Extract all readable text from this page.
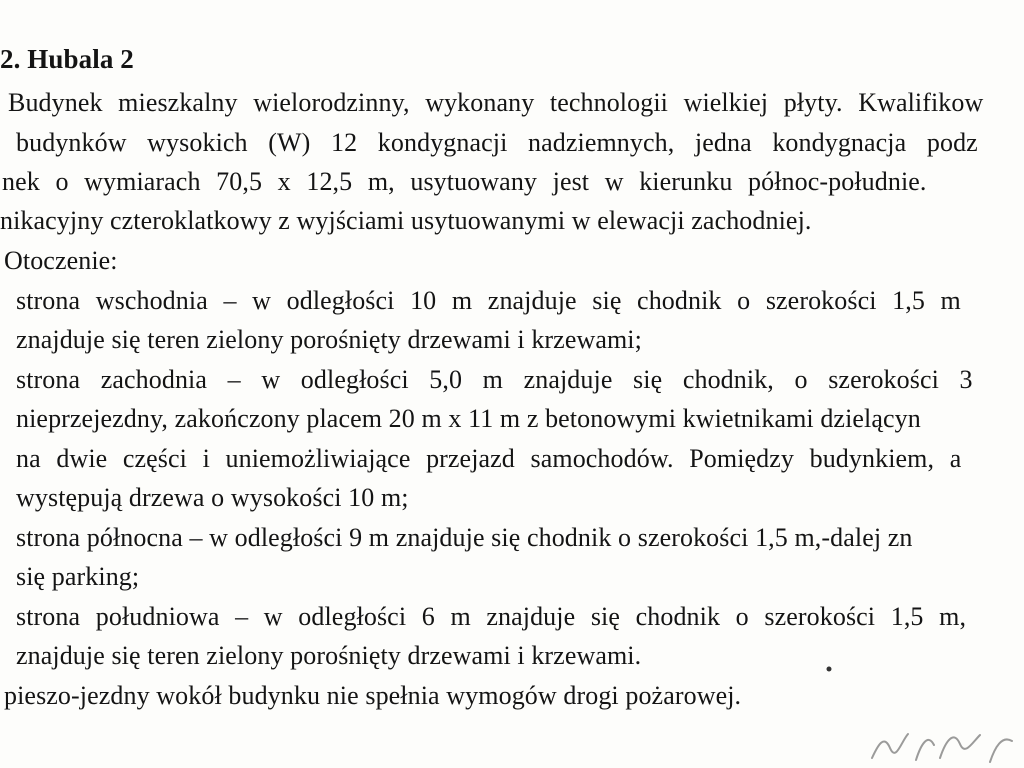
2. Hubala 2
Budynek mieszkalny wielorodzinny, wykonany technologii wielkiej płyty. Kwalifikow
budynków wysokich (W) 12 kondygnacji nadziemnych, jedna kondygnacja podz
nek o wymiarach 70,5 x 12,5 m, usytuowany jest w kierunku północ-południe.
nikacyjny czteroklatkowy z wyjściami usytuowanymi w elewacji zachodniej.
Otoczenie:
strona wschodnia – w odległości 10 m znajduje się chodnik o szerokości 1,5 m
znajduje się teren zielony porośnięty drzewami i krzewami;
strona zachodnia – w odległości 5,0 m znajduje się chodnik, o szerokości 3
nieprzejezdny, zakończony placem 20 m x 11 m z betonowymi kwietnikami dzielącyn
na dwie części i uniemożliwiające przejazd samochodów. Pomiędzy budynkiem, a
występują drzewa o wysokości 10 m;
strona północna – w odległości 9 m znajduje się chodnik o szerokości 1,5 m,-dalej zn
się parking;
strona południowa – w odległości 6 m znajduje się chodnik o szerokości 1,5 m,
znajduje się teren zielony porośnięty drzewami i krzewami.
pieszo-jezdny wokół budynku nie spełnia wymogów drogi pożarowej.
